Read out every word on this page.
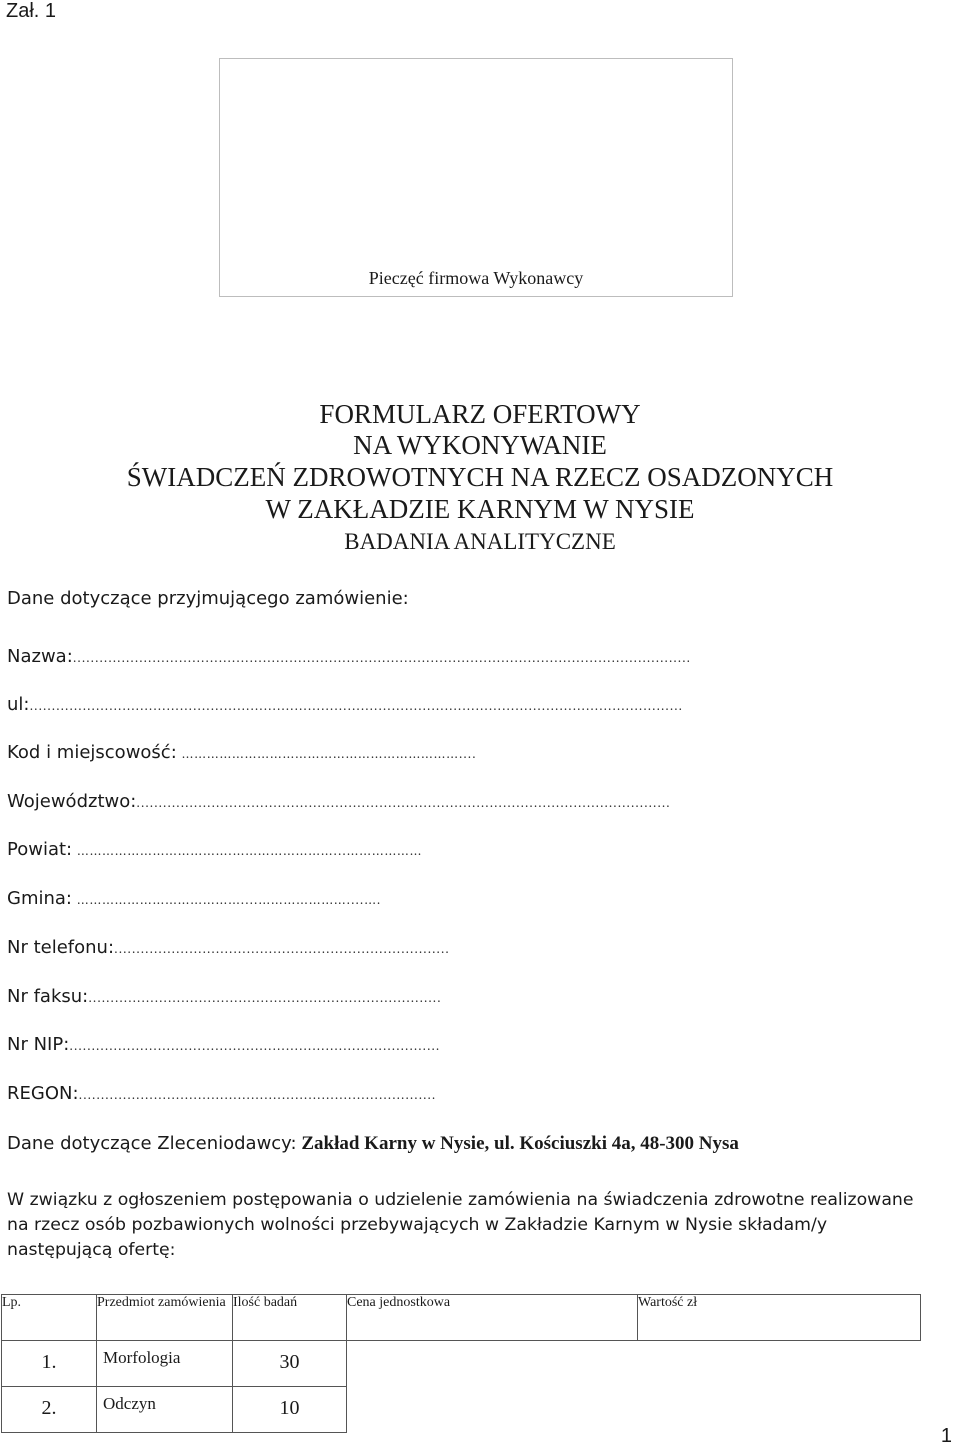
Zał. 1
Pieczęć firmowa Wykonawcy
FORMULARZ OFERTOWY
NA WYKONYWANIE
ŚWIADCZEŃ ZDROWOTNYCH NA RZECZ OSADZONYCH
W ZAKŁADZIE KARNYM W NYSIE
BADANIA ANALITYCZNE
Dane dotyczące przyjmującego zamówienie:
Nazwa:............................................................................................................................................
ul:....................................................................................................................................................
Kod i miejscowość: …………………………………………………………....
Województwo:.........................................................................................................................
Powiat: ……………………………….……………………...………………
Gmina: …………………………………....…………………....….
Nr telefonu:............................................................................
Nr faksu:................................................................................
Nr NIP:....................................................................................
REGON:.................................................................................
Dane dotyczące Zleceniodawcy: Zakład Karny w Nysie, ul. Kościuszki 4a, 48-300 Nysa
W związku z ogłoszeniem postępowania o udzielenie zamówienia na świadczenia zdrowotne realizowane na rzecz osób pozbawionych wolności przebywających w Zakładzie Karnym w Nysie składam/y następującą ofertę:
Lp.	Przedmiot zamówienia	Ilość badań	Cena jednostkowa	Wartość zł
1.	Morfologia	30		
2.	Odczyn	10		
1
